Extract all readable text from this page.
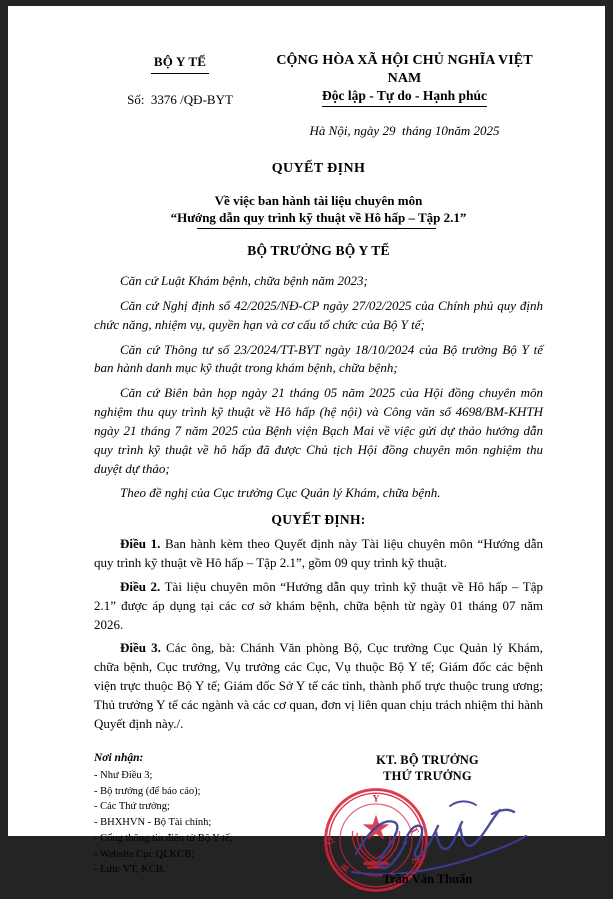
BỘ Y TẾ
Số:  3376 /QĐ-BYT
CỘNG HÒA XÃ HỘI CHỦ NGHĨA VIỆT NAM
Độc lập - Tự do - Hạnh phúc
Hà Nội, ngày 29  tháng 10năm 2025
QUYẾT ĐỊNH
Về việc ban hành tài liệu chuyên môn
“Hướng dẫn quy trình kỹ thuật về Hô hấp – Tập 2.1”
BỘ TRƯỞNG BỘ Y TẾ

Căn cứ Luật Khám bệnh, chữa bệnh năm 2023;

Căn cứ Nghị định số 42/2025/NĐ-CP ngày 27/02/2025 của Chính phủ quy định chức năng, nhiệm vụ, quyền hạn và cơ cấu tổ chức của Bộ Y tế;

Căn cứ Thông tư số 23/2024/TT-BYT ngày 18/10/2024 của Bộ trưởng Bộ Y tế ban hành danh mục kỹ thuật trong khám bệnh, chữa bệnh;

Căn cứ Biên bản họp ngày 21 tháng 05 năm 2025 của Hội đồng chuyên môn nghiệm thu quy trình kỹ thuật về Hô hấp (hệ nội) và Công văn số 4698/BM-KHTH ngày 21 tháng 7 năm 2025 của Bệnh viện Bạch Mai về việc gửi dự thảo hướng dẫn quy trình kỹ thuật về hô hấp đã được Chủ tịch Hội đồng chuyên môn nghiệm thu duyệt dự thảo;

Theo đề nghị của Cục trưởng Cục Quản lý Khám, chữa bệnh.

QUYẾT ĐỊNH:

Điều 1. Ban hành kèm theo Quyết định này Tài liệu chuyên môn “Hướng dẫn quy trình kỹ thuật về Hô hấp – Tập 2.1”, gồm 09 quy trình kỹ thuật.

Điều 2. Tài liệu chuyên môn “Hướng dẫn quy trình kỹ thuật về Hô hấp – Tập 2.1” được áp dụng tại các cơ sở khám bệnh, chữa bệnh từ ngày 01 tháng 07 năm 2026.

Điều 3. Các ông, bà: Chánh Văn phòng Bộ, Cục trưởng Cục Quản lý Khám, chữa bệnh, Cục trưởng, Vụ trưởng các Cục, Vụ thuộc Bộ Y tế; Giám đốc các bệnh viện trực thuộc Bộ Y tế; Giám đốc Sở Y tế các tỉnh, thành phố trực thuộc trung ương; Thủ trưởng Y tế các ngành và các cơ quan, đơn vị liên quan chịu trách nhiệm thi hành Quyết định này./.

Nơi nhận:
- Như Điều 3;
- Bộ trưởng (để báo cáo);
- Các Thứ trưởng;
- BHXHVN - Bộ Tài chính;
- Cổng thông tin điện tử Bộ Y tế;
- Website Cục QLKCB;
- Lưu: VT, KCB.
KT. BỘ TRƯỞNG
THỨ TRƯỞNG
B
Ộ
Y
T
Ế
Trần Văn Thuấn
